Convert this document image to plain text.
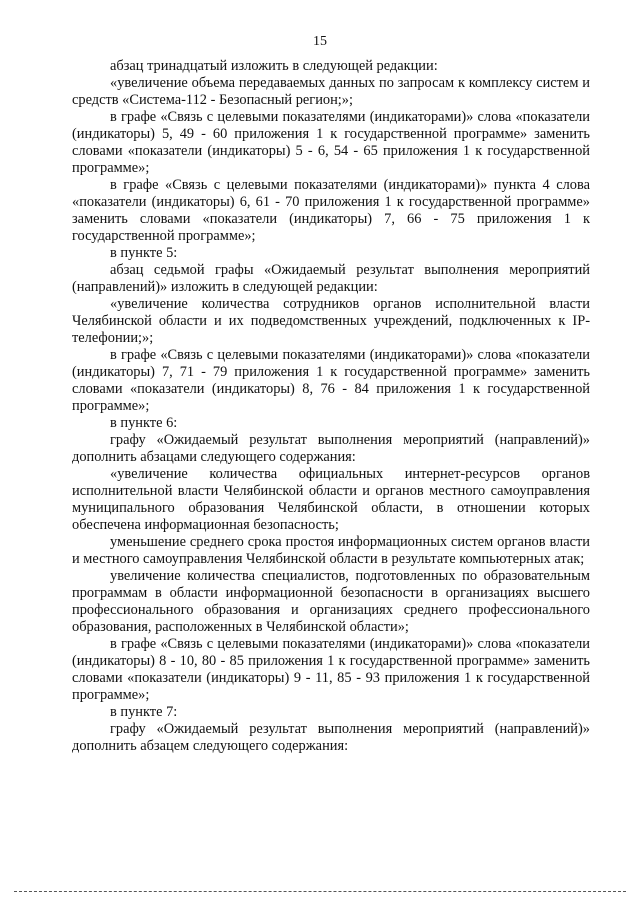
15

абзац тринадцатый изложить в следующей редакции:

«увеличение объема передаваемых данных по запросам к комплексу систем и средств «Система-112 - Безопасный регион;»;

в графе «Связь с целевыми показателями (индикаторами)» слова «показатели (индикаторы) 5, 49 - 60 приложения 1 к государственной программе» заменить словами «показатели (индикаторы) 5 - 6, 54 - 65 приложения 1 к государственной программе»;

в графе «Связь с целевыми показателями (индикаторами)» пункта 4 слова «показатели (индикаторы) 6, 61 - 70 приложения 1 к государственной программе» заменить словами «показатели (индикаторы) 7, 66 - 75 приложения 1 к государственной программе»;

в пункте 5:

абзац седьмой графы «Ожидаемый результат выполнения мероприятий (направлений)» изложить в следующей редакции:

«увеличение количества сотрудников органов исполнительной власти Челябинской области и их подведомственных учреждений, подключенных к IP-телефонии;»;

в графе «Связь с целевыми показателями (индикаторами)» слова «показатели (индикаторы) 7, 71 - 79 приложения 1 к государственной программе» заменить словами «показатели (индикаторы) 8, 76 - 84 приложения 1 к государственной программе»;

в пункте 6:

графу «Ожидаемый результат выполнения мероприятий (направлений)» дополнить абзацами следующего содержания:

«увеличение количества официальных интернет-ресурсов органов исполнительной власти Челябинской области и органов местного самоуправления муниципального образования Челябинской области, в отношении которых обеспечена информационная безопасность;

уменьшение среднего срока простоя информационных систем органов власти и местного самоуправления Челябинской области в результате компьютерных атак;

увеличение количества специалистов, подготовленных по образовательным программам в области информационной безопасности в организациях высшего профессионального образования и организациях среднего профессионального образования, расположенных в Челябинской области»;

в графе «Связь с целевыми показателями (индикаторами)» слова «показатели (индикаторы) 8 - 10, 80 - 85 приложения 1 к государственной программе» заменить словами «показатели (индикаторы) 9 - 11, 85 - 93 приложения 1 к государственной программе»;

в пункте 7:

графу «Ожидаемый результат выполнения мероприятий (направлений)» дополнить абзацем следующего содержания:
